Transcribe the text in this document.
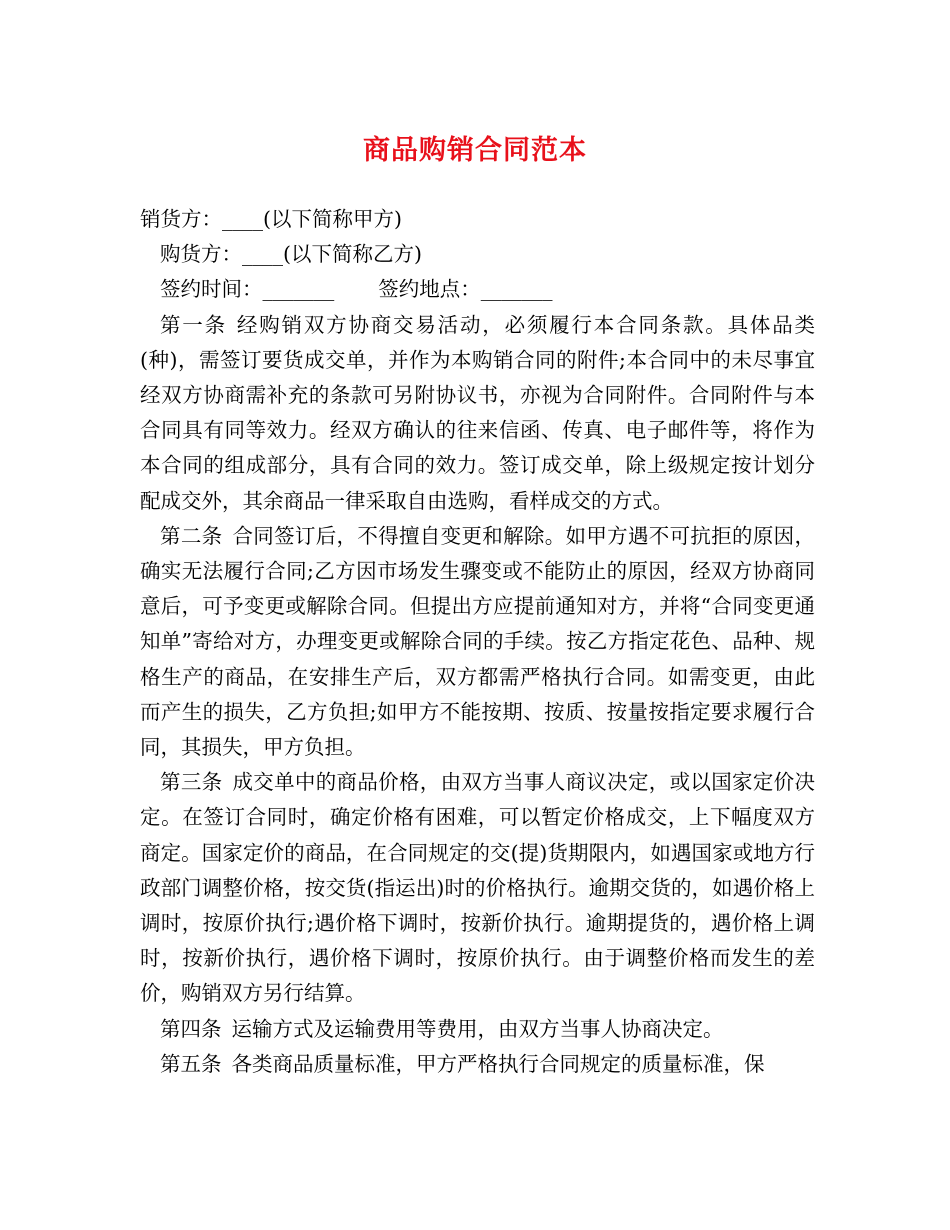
商品购销合同范本

销货方：____(以下简称甲方)

购货方：____(以下简称乙方)

签约时间：_______ 签约地点：_______

第一条 经购销双方协商交易活动，必须履行本合同条款。具体品类(种)，需签订要货成交单，并作为本购销合同的附件;本合同中的未尽事宜经双方协商需补充的条款可另附协议书，亦视为合同附件。合同附件与本合同具有同等效力。经双方确认的往来信函、传真、电子邮件等，将作为本合同的组成部分，具有合同的效力。签订成交单，除上级规定按计划分配成交外，其余商品一律采取自由选购，看样成交的方式。

第二条 合同签订后，不得擅自变更和解除。如甲方遇不可抗拒的原因，确实无法履行合同;乙方因市场发生骤变或不能防止的原因，经双方协商同意后，可予变更或解除合同。但提出方应提前通知对方，并将“合同变更通知单”寄给对方，办理变更或解除合同的手续。按乙方指定花色、品种、规格生产的商品，在安排生产后，双方都需严格执行合同。如需变更，由此而产生的损失，乙方负担;如甲方不能按期、按质、按量按指定要求履行合同，其损失，甲方负担。

第三条 成交单中的商品价格，由双方当事人商议决定，或以国家定价决定。在签订合同时，确定价格有困难，可以暂定价格成交，上下幅度双方商定。国家定价的商品，在合同规定的交(提)货期限内，如遇国家或地方行政部门调整价格，按交货(指运出)时的价格执行。逾期交货的，如遇价格上调时，按原价执行;遇价格下调时，按新价执行。逾期提货的，遇价格上调时，按新价执行，遇价格下调时，按原价执行。由于调整价格而发生的差价，购销双方另行结算。

第四条 运输方式及运输费用等费用，由双方当事人协商决定。

第五条 各类商品质量标准，甲方严格执行合同规定的质量标准，保
